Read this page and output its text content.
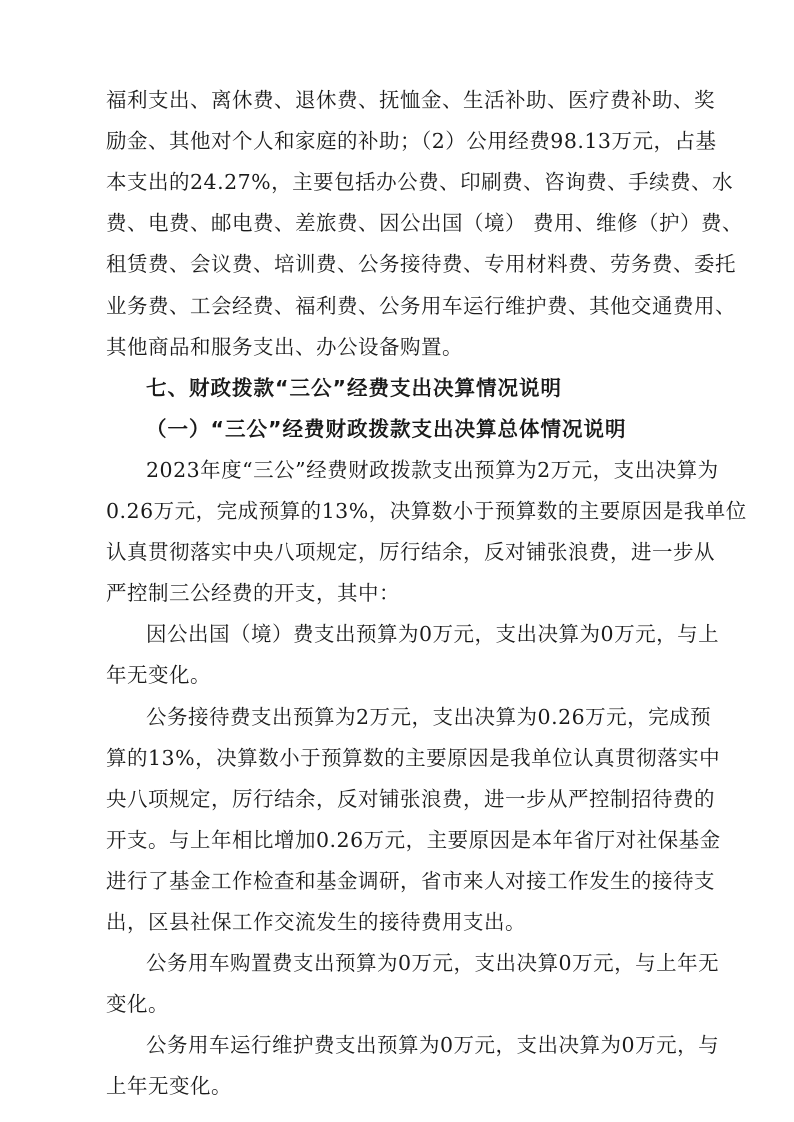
福利支出、离休费、退休费、抚恤金、生活补助、医疗费补助、奖
励金、其他对个人和家庭的补助；（2）公用经费98.13万元，占基
本支出的24.27%，主要包括办公费、印刷费、咨询费、手续费、水
费、电费、邮电费、差旅费、因公出国（境） 费用、维修（护）费、
租赁费、会议费、培训费、公务接待费、专用材料费、劳务费、委托
业务费、工会经费、福利费、公务用车运行维护费、其他交通费用、
其他商品和服务支出、办公设备购置。
七、财政拨款“三公”经费支出决算情况说明
（一）“三公”经费财政拨款支出决算总体情况说明
2023年度“三公”经费财政拨款支出预算为2万元，支出决算为
0.26万元，完成预算的13%，决算数小于预算数的主要原因是我单位
认真贯彻落实中央八项规定，厉行结余，反对铺张浪费，进一步从
严控制三公经费的开支，其中：
因公出国（境）费支出预算为0万元，支出决算为0万元，与上
年无变化。
公务接待费支出预算为2万元，支出决算为0.26万元，完成预
算的13%，决算数小于预算数的主要原因是我单位认真贯彻落实中
央八项规定，厉行结余，反对铺张浪费，进一步从严控制招待费的
开支。与上年相比增加0.26万元，主要原因是本年省厅对社保基金
进行了基金工作检查和基金调研，省市来人对接工作发生的接待支
出，区县社保工作交流发生的接待费用支出。
公务用车购置费支出预算为0万元，支出决算0万元，与上年无
变化。
公务用车运行维护费支出预算为0万元，支出决算为0万元，与
上年无变化。
